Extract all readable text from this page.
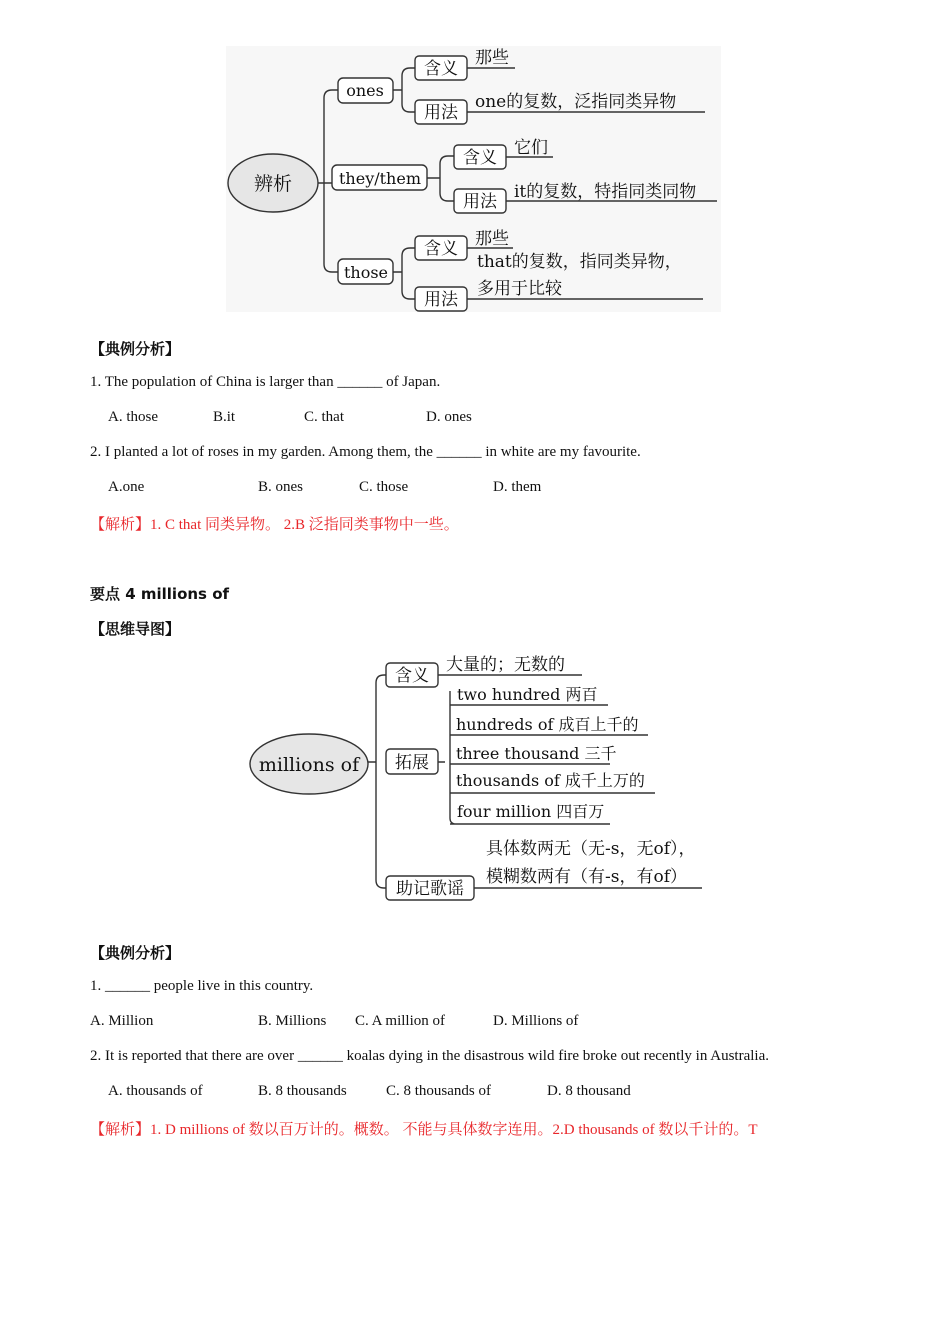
辨析
ones
含义
用法
那些
one的复数，泛指同类异物
they/them
含义
用法
它们
it的复数，特指同类同物
those
含义
用法
那些
that的复数，指同类异物，
多用于比较
【典例分析】
1. The population of China is larger than ______ of Japan.
A. those	B.it	C. that	D. ones
2. I planted a lot of roses in my garden. Among them, the ______ in white are my favourite.
A.one	B. ones	C. those	D. them
【解析】1. C that 同类异物。 2.B 泛指同类事物中一些。
要点 4 millions of
【思维导图】
millions of
含义
大量的；无数的
拓展
two hundred 两百
hundreds of 成百上千的
three thousand 三千
thousands of 成千上万的
four million 四百万
助记歌谣
具体数两无（无-s，无of），
模糊数两有（有-s，有of）
【典例分析】
1. ______ people live in this country.
A. Million	B. Millions C. A million of	D. Millions of
2. It is reported that there are over ______ koalas dying in the disastrous wild fire broke out recently in Australia.
A. thousands of	B. 8 thousands	C. 8 thousands of	D. 8 thousand
【解析】1. D millions of 数以百万计的。概数。 不能与具体数字连用。2.D thousands of 数以千计的。T
